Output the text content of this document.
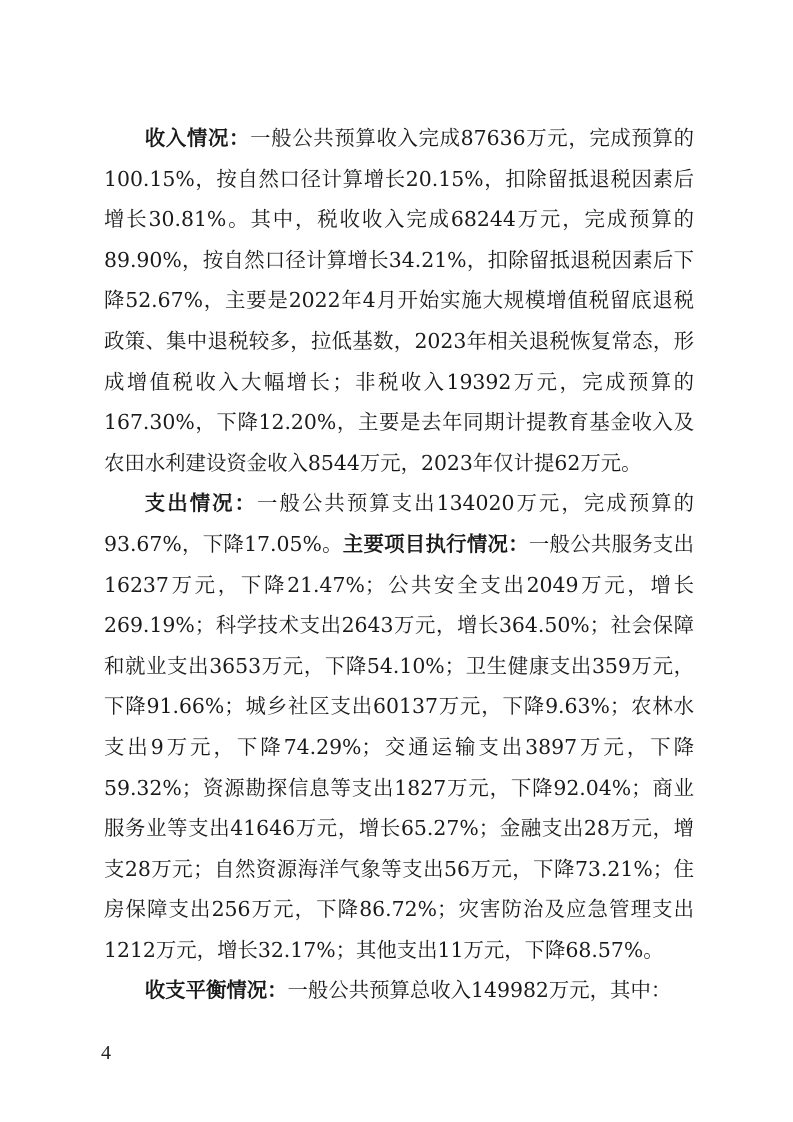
收入情况：一般公共预算收入完成87636万元，完成预算的100.15%，按自然口径计算增长20.15%，扣除留抵退税因素后增长30.81%。其中，税收收入完成68244万元，完成预算的89.90%，按自然口径计算增长34.21%，扣除留抵退税因素后下降52.67%，主要是2022年4月开始实施大规模增值税留底退税政策、集中退税较多，拉低基数，2023年相关退税恢复常态，形成增值税收入大幅增长；非税收入19392万元，完成预算的167.30%，下降12.20%，主要是去年同期计提教育基金收入及农田水利建设资金收入8544万元，2023年仅计提62万元。

支出情况：一般公共预算支出134020万元，完成预算的93.67%，下降17.05%。主要项目执行情况：一般公共服务支出16237万元，下降21.47%；公共安全支出2049万元，增长269.19%；科学技术支出2643万元，增长364.50%；社会保障和就业支出3653万元，下降54.10%；卫生健康支出359万元，下降91.66%；城乡社区支出60137万元，下降9.63%；农林水支出9万元，下降74.29%；交通运输支出3897万元，下降59.32%；资源勘探信息等支出1827万元，下降92.04%；商业服务业等支出41646万元，增长65.27%；金融支出28万元，增支28万元；自然资源海洋气象等支出56万元，下降73.21%；住房保障支出256万元，下降86.72%；灾害防治及应急管理支出1212万元，增长32.17%；其他支出11万元，下降68.57%。

收支平衡情况：一般公共预算总收入149982万元，其中：

4
